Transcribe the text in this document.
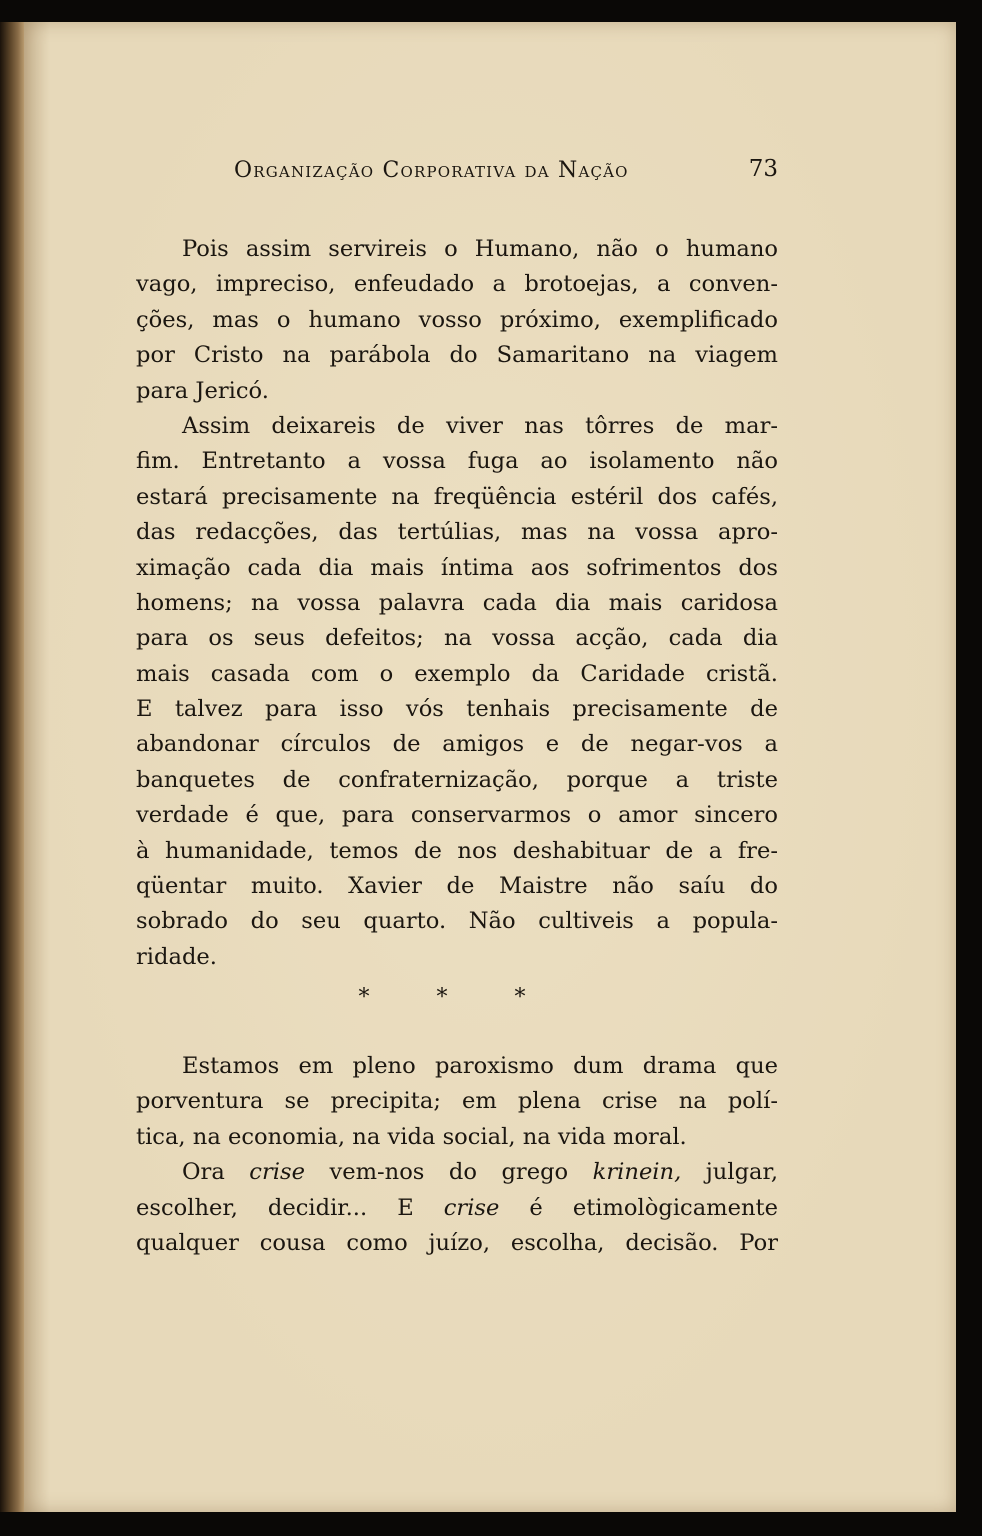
Organização Corporativa da Nação	73
Pois assim servireis o Humano, não o humano
vago, impreciso, enfeudado a brotoejas, a conven-
ções, mas o humano vosso próximo, exemplificado
por Cristo na parábola do Samaritano na viagem
para Jericó.
Assim deixareis de viver nas tôrres de mar-
fim. Entretanto a vossa fuga ao isolamento não
estará precisamente na freqüência estéril dos cafés,
das redacções, das tertúlias, mas na vossa apro-
ximação cada dia mais íntima aos sofrimentos dos
homens; na vossa palavra cada dia mais caridosa
para os seus defeitos; na vossa acção, cada dia
mais casada com o exemplo da Caridade cristã.
E talvez para isso vós tenhais precisamente de
abandonar círculos de amigos e de negar-vos a
banquetes de confraternização, porque a triste
verdade é que, para conservarmos o amor sincero
à humanidade, temos de nos deshabituar de a fre-
qüentar muito. Xavier de Maistre não saíu do
sobrado do seu quarto. Não cultiveis a popula-
ridade.
* * *
Estamos em pleno paroxismo dum drama que
porventura se precipita; em plena crise na polí-
tica, na economia, na vida social, na vida moral.
Ora crise vem-nos do grego krinein, julgar,
escolher, decidir... E crise é etimològicamente
qualquer cousa como juízo, escolha, decisão. Por
